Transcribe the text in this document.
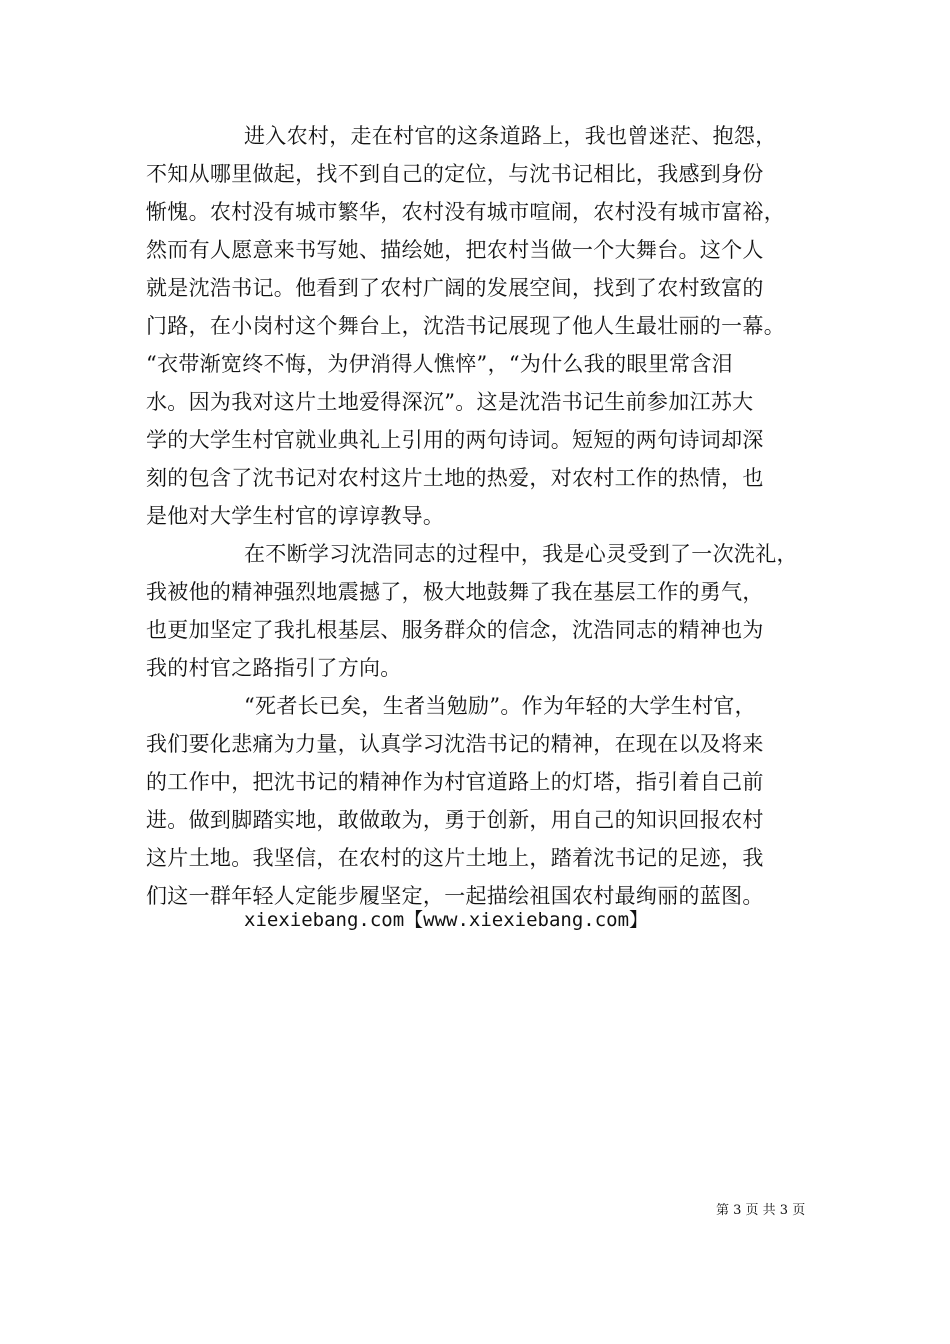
进入农村，走在村官的这条道路上，我也曾迷茫、抱怨，
不知从哪里做起，找不到自己的定位，与沈书记相比，我感到身份
惭愧。农村没有城市繁华，农村没有城市喧闹，农村没有城市富裕，
然而有人愿意来书写她、描绘她，把农村当做一个大舞台。这个人
就是沈浩书记。他看到了农村广阔的发展空间，找到了农村致富的
门路，在小岗村这个舞台上，沈浩书记展现了他人生最壮丽的一幕。
“衣带渐宽终不悔，为伊消得人憔悴”，“为什么我的眼里常含泪
水。因为我对这片土地爱得深沉”。这是沈浩书记生前参加江苏大
学的大学生村官就业典礼上引用的两句诗词。短短的两句诗词却深
刻的包含了沈书记对农村这片土地的热爱，对农村工作的热情，也
是他对大学生村官的谆谆教导。
在不断学习沈浩同志的过程中，我是心灵受到了一次洗礼，
我被他的精神强烈地震撼了，极大地鼓舞了我在基层工作的勇气，
也更加坚定了我扎根基层、服务群众的信念，沈浩同志的精神也为
我的村官之路指引了方向。
“死者长已矣，生者当勉励”。作为年轻的大学生村官，
我们要化悲痛为力量，认真学习沈浩书记的精神，在现在以及将来
的工作中，把沈书记的精神作为村官道路上的灯塔，指引着自己前
进。做到脚踏实地，敢做敢为，勇于创新，用自己的知识回报农村
这片土地。我坚信，在农村的这片土地上，踏着沈书记的足迹，我
们这一群年轻人定能步履坚定，一起描绘祖国农村最绚丽的蓝图。
xiexiebang.com【www.xiexiebang.com】
第 3 页 共 3 页
